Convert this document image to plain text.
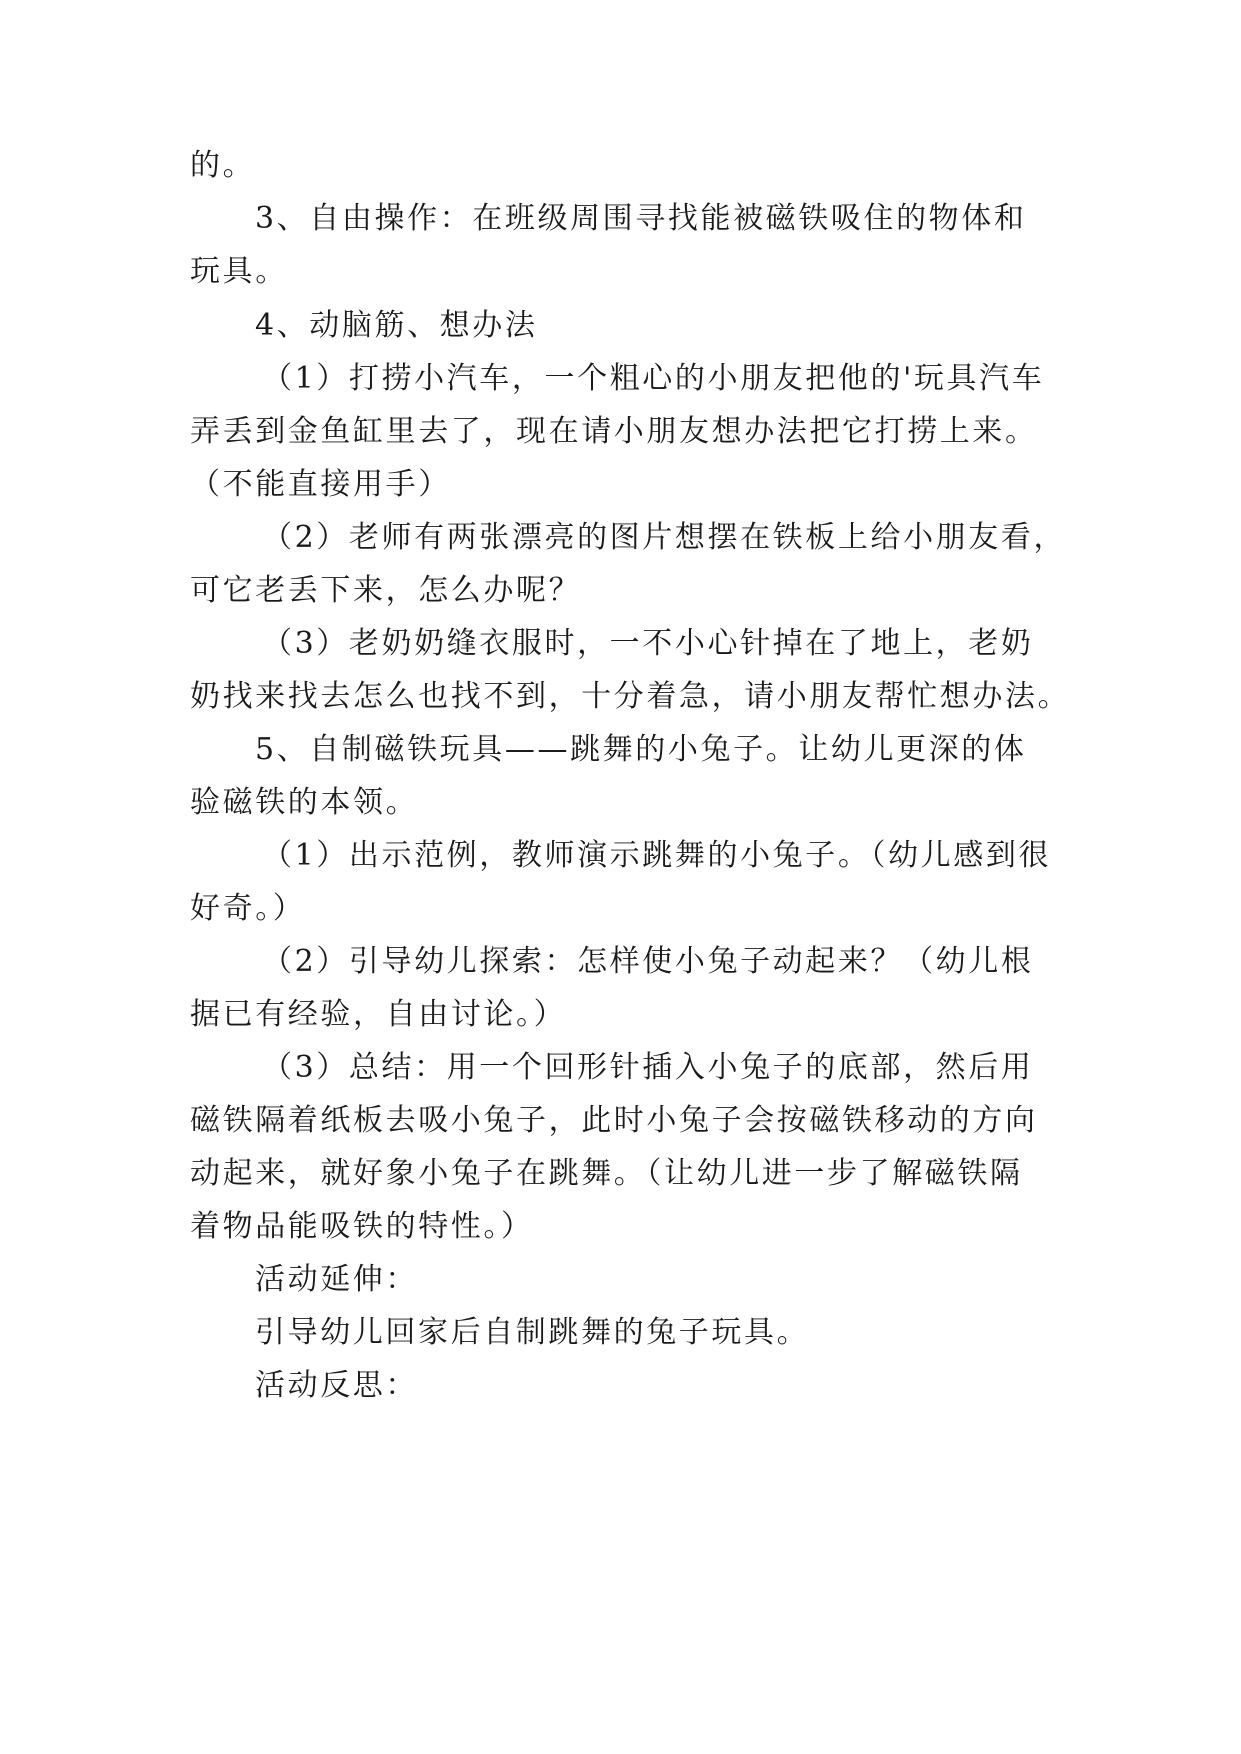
的。
3、自由操作：在班级周围寻找能被磁铁吸住的物体和
玩具。
4、动脑筋、想办法
（1）打捞小汽车，一个粗心的小朋友把他的'玩具汽车
弄丢到金鱼缸里去了，现在请小朋友想办法把它打捞上来。
（不能直接用手）
（2）老师有两张漂亮的图片想摆在铁板上给小朋友看，
可它老丢下来，怎么办呢？
（3）老奶奶缝衣服时，一不小心针掉在了地上，老奶
奶找来找去怎么也找不到，十分着急，请小朋友帮忙想办法。
5、自制磁铁玩具——跳舞的小兔子。让幼儿更深的体
验磁铁的本领。
（1）出示范例，教师演示跳舞的小兔子。（幼儿感到很
好奇。）
（2）引导幼儿探索：怎样使小兔子动起来？（幼儿根
据已有经验，自由讨论。）
（3）总结：用一个回形针插入小兔子的底部，然后用
磁铁隔着纸板去吸小兔子，此时小兔子会按磁铁移动的方向
动起来，就好象小兔子在跳舞。（让幼儿进一步了解磁铁隔
着物品能吸铁的特性。）
活动延伸：
引导幼儿回家后自制跳舞的兔子玩具。
活动反思：
